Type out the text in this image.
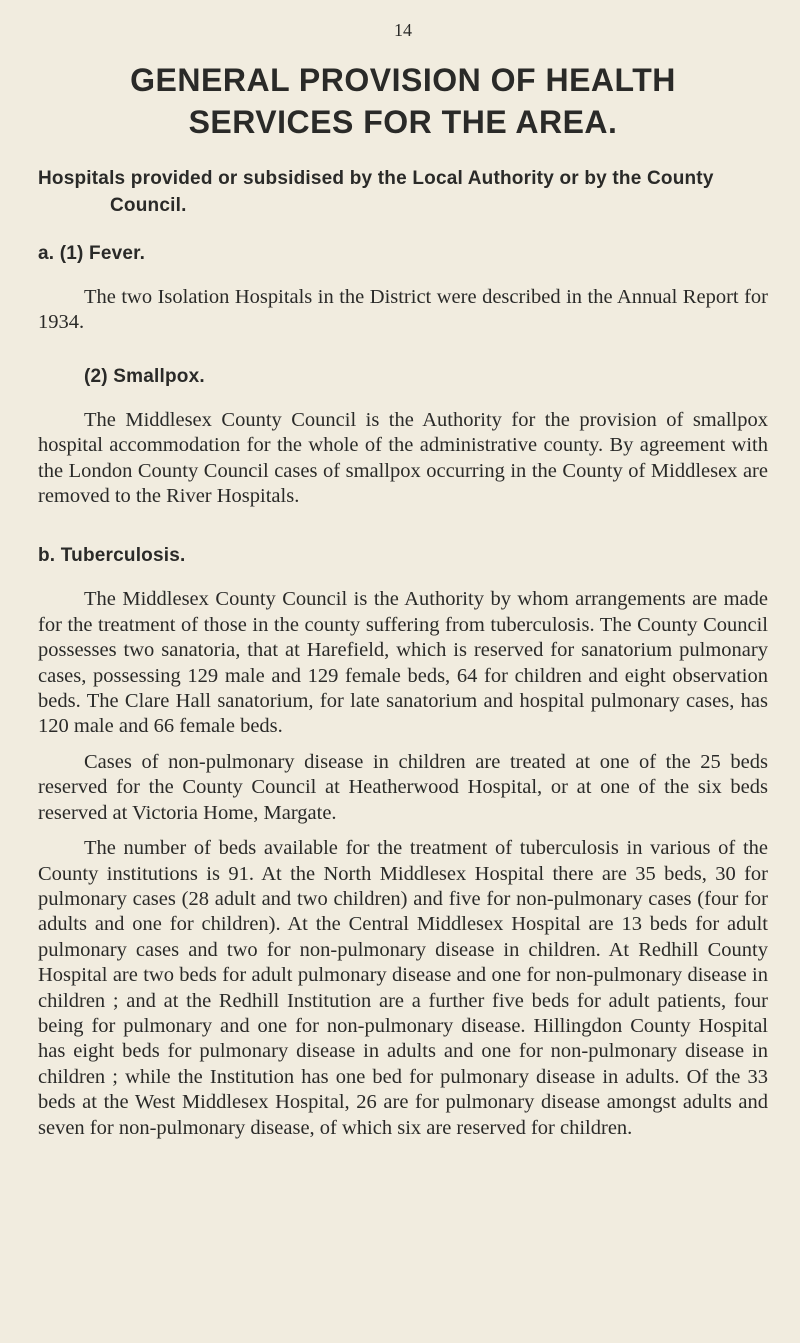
14
GENERAL PROVISION OF HEALTH
SERVICES FOR THE AREA.
Hospitals provided or subsidised by the Local Authority or by the County Council.
a. (1) Fever.

The two Isolation Hospitals in the District were described in the Annual Report for 1934.

(2) Smallpox.

The Middlesex County Council is the Authority for the provision of smallpox hospital accommodation for the whole of the administrative county. By agreement with the London County Council cases of smallpox occurring in the County of Middlesex are removed to the River Hospitals.

b. Tuberculosis.

The Middlesex County Council is the Authority by whom arrangements are made for the treatment of those in the county suffering from tuberculosis. The County Council possesses two sanatoria, that at Harefield, which is reserved for sanatorium pulmonary cases, possessing 129 male and 129 female beds, 64 for children and eight observation beds. The Clare Hall sanatorium, for late sanatorium and hospital pulmonary cases, has 120 male and 66 female beds.

Cases of non-pulmonary disease in children are treated at one of the 25 beds reserved for the County Council at Heatherwood Hospital, or at one of the six beds reserved at Victoria Home, Margate.

The number of beds available for the treatment of tuberculosis in various of the County institutions is 91. At the North Middlesex Hospital there are 35 beds, 30 for pulmonary cases (28 adult and two children) and five for non-pulmonary cases (four for adults and one for children). At the Central Middlesex Hospital are 13 beds for adult pulmonary cases and two for non-pulmonary disease in children. At Redhill County Hospital are two beds for adult pulmonary disease and one for non-pulmonary disease in children ; and at the Redhill Institution are a further five beds for adult patients, four being for pulmonary and one for non-pulmonary disease. Hillingdon County Hospital has eight beds for pulmonary disease in adults and one for non-pulmonary disease in children ; while the Institution has one bed for pulmonary disease in adults. Of the 33 beds at the West Middlesex Hospital, 26 are for pulmonary disease amongst adults and seven for non-pulmonary disease, of which six are reserved for children.
